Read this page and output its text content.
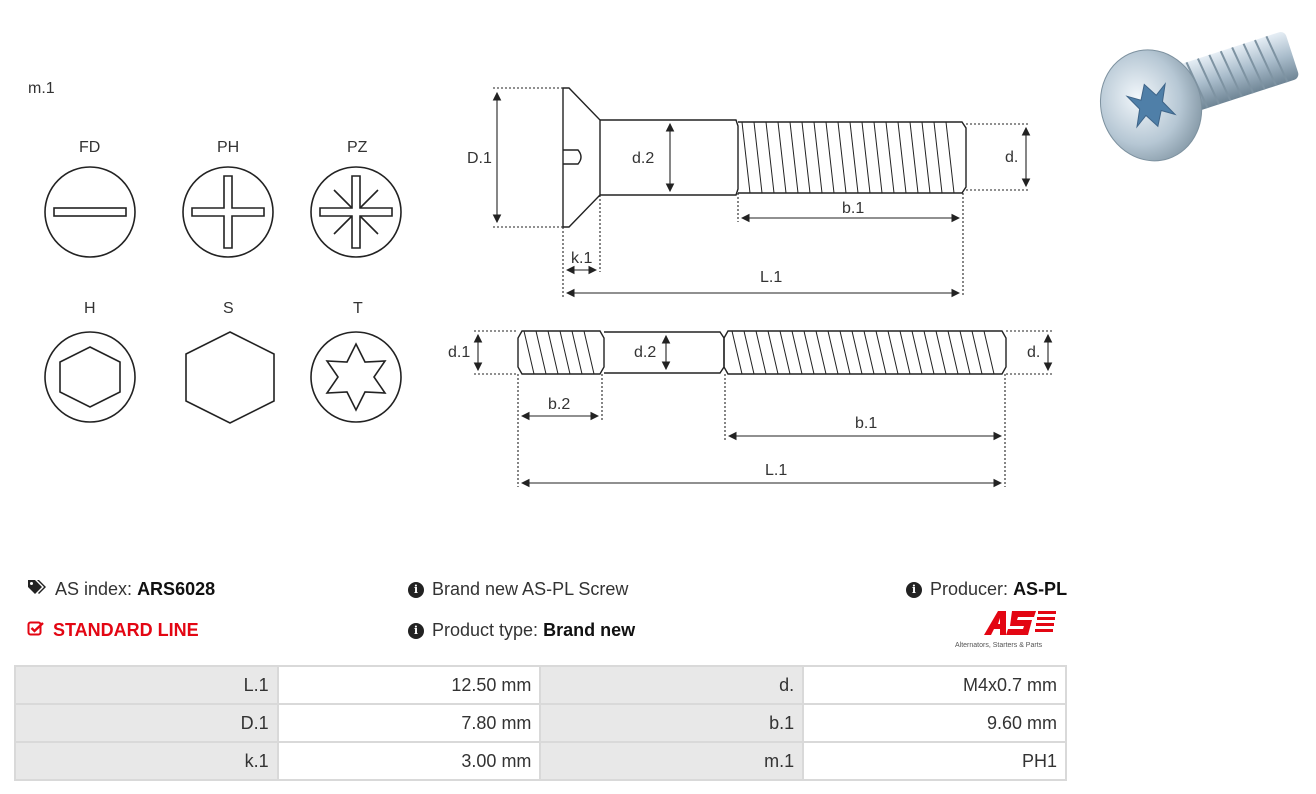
m.1
FD	PH	PZ
H	S	T
D.1	d.2	d.
b.1
k.1
L.1
d.1	d.2	d.
b.2
b.1
L.1
AS index:
ARS6028
STANDARD LINE
i Brand new AS-PL Screw
i Product type:
Brand new
i Producer:
AS-PL
Alternators, Starters & Parts
L.1	12.50 mm	d.	M4x0.7 mm
D.1	7.80 mm	b.1	9.60 mm
k.1	3.00 mm	m.1	PH1
